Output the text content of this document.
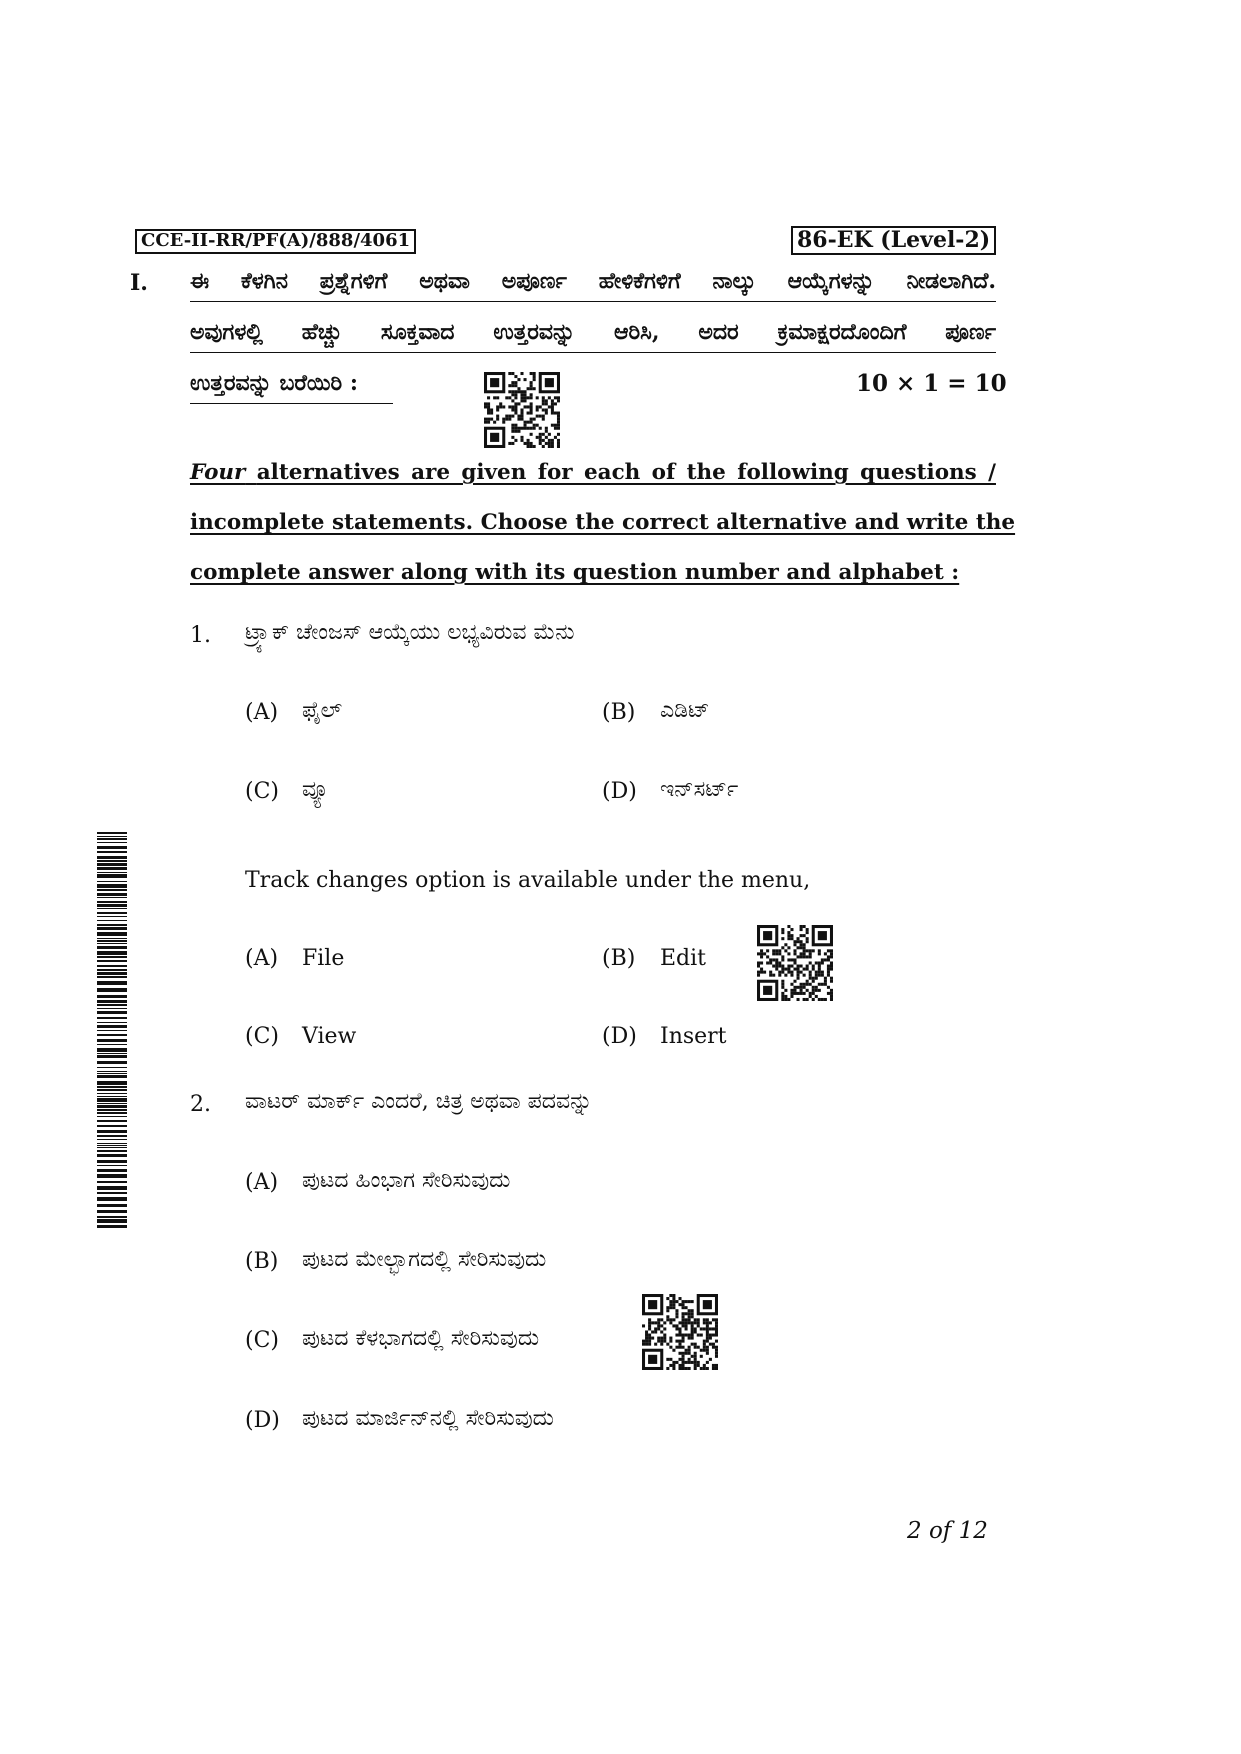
CCE-II-RR/PF(A)/888/4061	86-EK (Level-2)
I. ಈ ಕೆಳಗಿನ ಪ್ರಶ್ನೆಗಳಿಗೆ ಅಥವಾ ಅಪೂರ್ಣ ಹೇಳಿಕೆಗಳಿಗೆ ನಾಲ್ಕು ಆಯ್ಕೆಗಳನ್ನು ನೀಡಲಾಗಿದೆ.
ಅವುಗಳಲ್ಲಿ ಹೆಚ್ಚು ಸೂಕ್ತವಾದ ಉತ್ತರವನ್ನು ಆರಿಸಿ, ಅದರ ಕ್ರಮಾಕ್ಷರದೊಂದಿಗೆ ಪೂರ್ಣ
ಉತ್ತರವನ್ನು ಬರೆಯಿರಿ :	10 × 1 = 10
Four alternatives are given for each of the following questions /
incomplete statements. Choose the correct alternative and write the
complete answer along with its question number and alphabet :
1. ಟ್ರ್ಯಾಕ್ ಚೇಂಜಸ್ ಆಯ್ಕೆಯು ಲಭ್ಯವಿರುವ ಮೆನು
(A) ಫೈಲ್	(B) ಎಡಿಟ್
(C) ವ್ಯೂ	(D) ಇನ್‌ಸರ್ಟ್
Track changes option is available under the menu,
(A) File	(B) Edit
(C) View	(D) Insert
2. ವಾಟರ್ ಮಾರ್ಕ್ ಎಂದರೆ, ಚಿತ್ರ ಅಥವಾ ಪದವನ್ನು
(A) ಪುಟದ ಹಿಂಭಾಗ ಸೇರಿಸುವುದು
(B) ಪುಟದ ಮೇಲ್ಭಾಗದಲ್ಲಿ ಸೇರಿಸುವುದು
(C) ಪುಟದ ಕೆಳಭಾಗದಲ್ಲಿ ಸೇರಿಸುವುದು
(D) ಪುಟದ ಮಾರ್ಜಿನ್‌ನಲ್ಲಿ ಸೇರಿಸುವುದು
2 of 12
